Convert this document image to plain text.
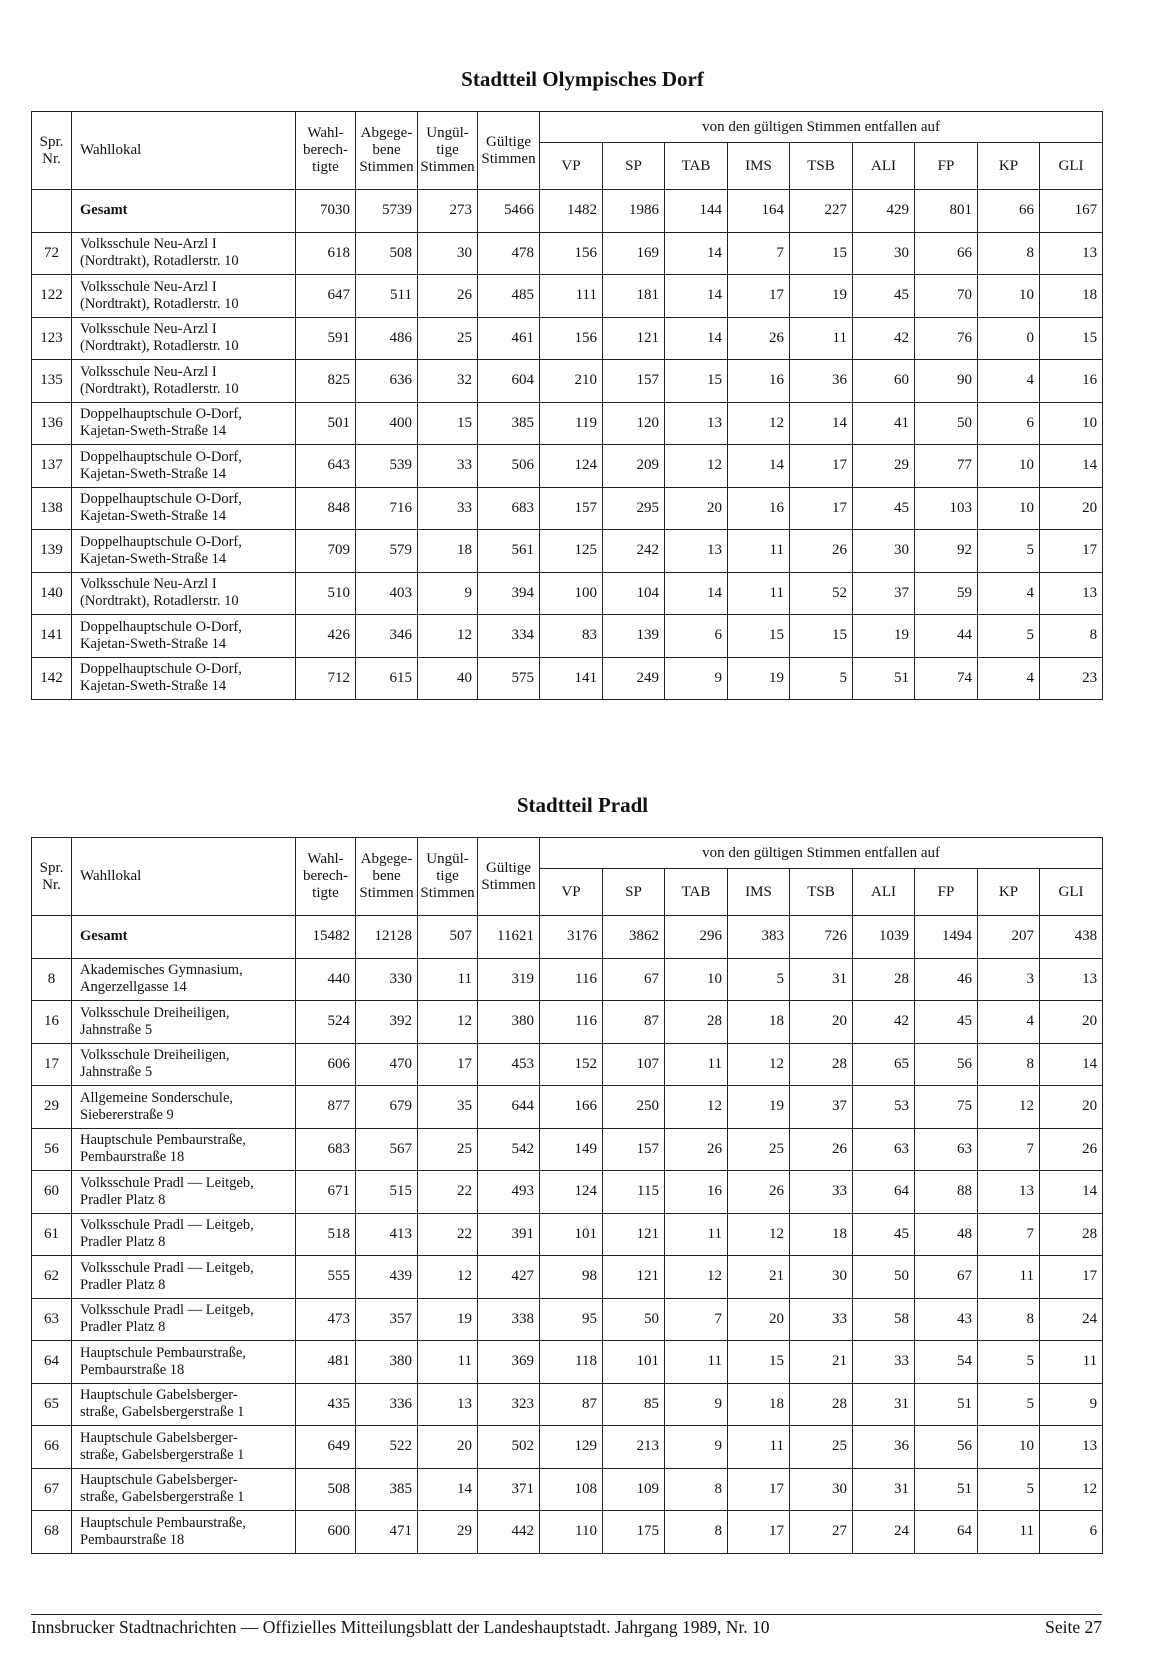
Stadtteil Olympisches Dorf
Spr.
Nr.	Wahllokal	Wahl-
berech-
tigte	Abgege-
bene
Stimmen	Ungül-
tige
Stimmen	Gültige
Stimmen	von den gültigen Stimmen entfallen auf								
						VP	SP	TAB	IMS	TSB	ALI	FP	KP	GLI
	Gesamt	7030	5739	273	5466	1482	1986	144	164	227	429	801	66	167
72	Volksschule Neu-Arzl I
(Nordtrakt), Rotadlerstr. 10	618	508	30	478	156	169	14	7	15	30	66	8	13
122	Volksschule Neu-Arzl I
(Nordtrakt), Rotadlerstr. 10	647	511	26	485	111	181	14	17	19	45	70	10	18
123	Volksschule Neu-Arzl I
(Nordtrakt), Rotadlerstr. 10	591	486	25	461	156	121	14	26	11	42	76	0	15
135	Volksschule Neu-Arzl I
(Nordtrakt), Rotadlerstr. 10	825	636	32	604	210	157	15	16	36	60	90	4	16
136	Doppelhauptschule O-Dorf,
Kajetan-Sweth-Straße 14	501	400	15	385	119	120	13	12	14	41	50	6	10
137	Doppelhauptschule O-Dorf,
Kajetan-Sweth-Straße 14	643	539	33	506	124	209	12	14	17	29	77	10	14
138	Doppelhauptschule O-Dorf,
Kajetan-Sweth-Straße 14	848	716	33	683	157	295	20	16	17	45	103	10	20
139	Doppelhauptschule O-Dorf,
Kajetan-Sweth-Straße 14	709	579	18	561	125	242	13	11	26	30	92	5	17
140	Volksschule Neu-Arzl I
(Nordtrakt), Rotadlerstr. 10	510	403	9	394	100	104	14	11	52	37	59	4	13
141	Doppelhauptschule O-Dorf,
Kajetan-Sweth-Straße 14	426	346	12	334	83	139	6	15	15	19	44	5	8
142	Doppelhauptschule O-Dorf,
Kajetan-Sweth-Straße 14	712	615	40	575	141	249	9	19	5	51	74	4	23
Stadtteil Pradl
Spr.
Nr.	Wahllokal	Wahl-
berech-
tigte	Abgege-
bene
Stimmen	Ungül-
tige
Stimmen	Gültige
Stimmen	von den gültigen Stimmen entfallen auf								
						VP	SP	TAB	IMS	TSB	ALI	FP	KP	GLI
	Gesamt	15482	12128	507	11621	3176	3862	296	383	726	1039	1494	207	438
8	Akademisches Gymnasium,
Angerzellgasse 14	440	330	11	319	116	67	10	5	31	28	46	3	13
16	Volksschule Dreiheiligen,
Jahnstraße 5	524	392	12	380	116	87	28	18	20	42	45	4	20
17	Volksschule Dreiheiligen,
Jahnstraße 5	606	470	17	453	152	107	11	12	28	65	56	8	14
29	Allgemeine Sonderschule,
Siebererstraße 9	877	679	35	644	166	250	12	19	37	53	75	12	20
56	Hauptschule Pembaurstraße,
Pembaurstraße 18	683	567	25	542	149	157	26	25	26	63	63	7	26
60	Volksschule Pradl — Leitgeb,
Pradler Platz 8	671	515	22	493	124	115	16	26	33	64	88	13	14
61	Volksschule Pradl — Leitgeb,
Pradler Platz 8	518	413	22	391	101	121	11	12	18	45	48	7	28
62	Volksschule Pradl — Leitgeb,
Pradler Platz 8	555	439	12	427	98	121	12	21	30	50	67	11	17
63	Volksschule Pradl — Leitgeb,
Pradler Platz 8	473	357	19	338	95	50	7	20	33	58	43	8	24
64	Hauptschule Pembaurstraße,
Pembaurstraße 18	481	380	11	369	118	101	11	15	21	33	54	5	11
65	Hauptschule Gabelsberger-
straße, Gabelsbergerstraße 1	435	336	13	323	87	85	9	18	28	31	51	5	9
66	Hauptschule Gabelsberger-
straße, Gabelsbergerstraße 1	649	522	20	502	129	213	9	11	25	36	56	10	13
67	Hauptschule Gabelsberger-
straße, Gabelsbergerstraße 1	508	385	14	371	108	109	8	17	30	31	51	5	12
68	Hauptschule Pembaurstraße,
Pembaurstraße 18	600	471	29	442	110	175	8	17	27	24	64	11	6
Innsbrucker Stadtnachrichten — Offizielles Mitteilungsblatt der Landeshauptstadt. Jahrgang 1989, Nr. 10	Seite 27
